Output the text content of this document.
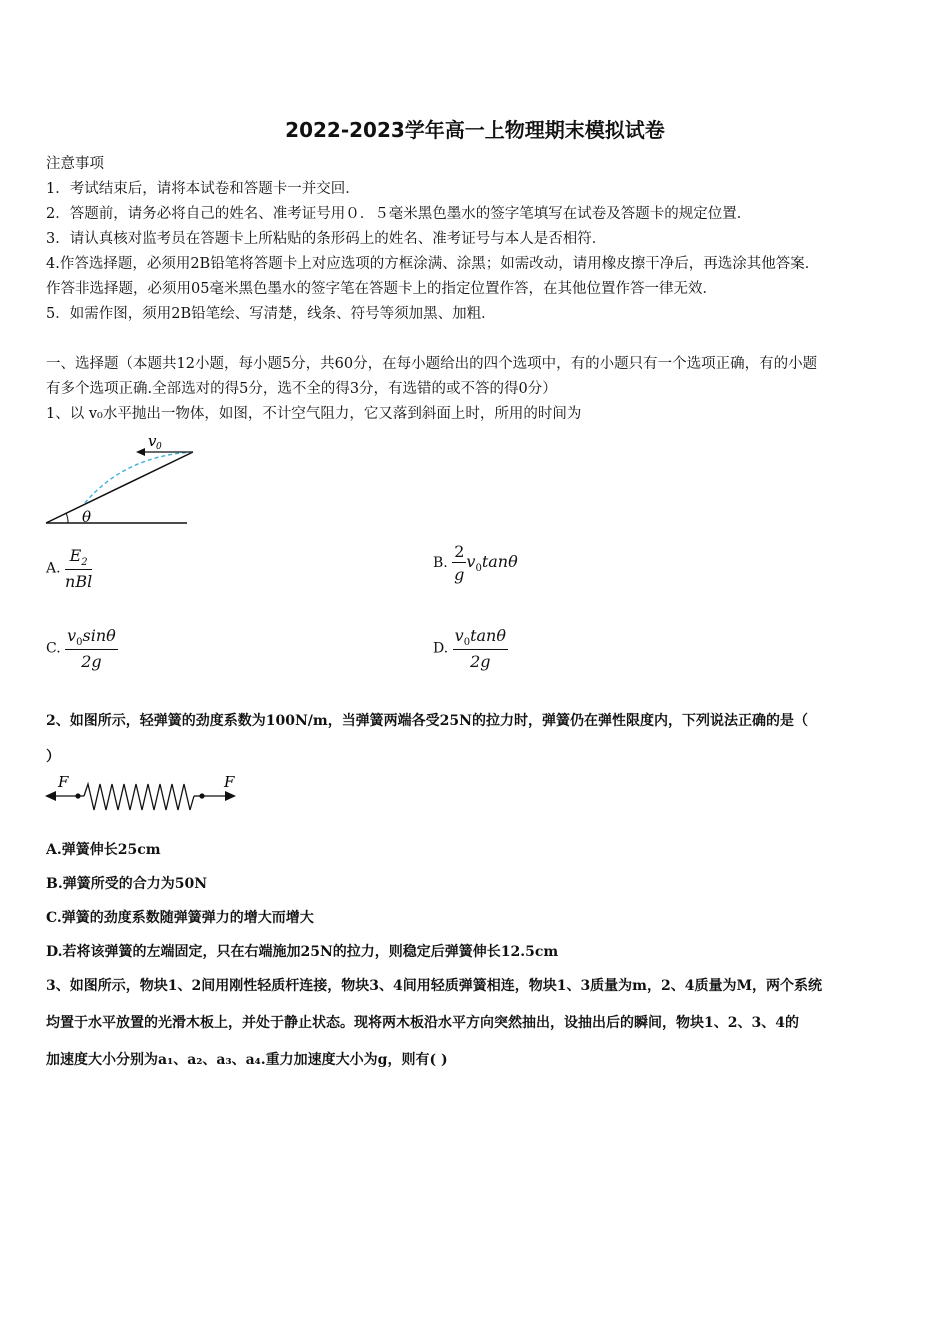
2022-2023学年高一上物理期末模拟试卷
注意事项
1．考试结束后，请将本试卷和答题卡一并交回．
2．答题前，请务必将自己的姓名、准考证号用０．５毫米黑色墨水的签字笔填写在试卷及答题卡的规定位置．
3．请认真核对监考员在答题卡上所粘贴的条形码上的姓名、准考证号与本人是否相符．
4.作答选择题，必须用2B铅笔将答题卡上对应选项的方框涂满、涂黑；如需改动，请用橡皮擦干净后，再选涂其他答案．
作答非选择题，必须用05毫米黑色墨水的签字笔在答题卡上的指定位置作答，在其他位置作答一律无效．
5．如需作图，须用2B铅笔绘、写清楚，线条、符号等须加黑、加粗．
一、选择题（本题共12小题，每小题5分，共60分，在每小题给出的四个选项中，有的小题只有一个选项正确，有的小题
有多个选项正确.全部选对的得5分，选不全的得3分，有选错的或不答的得0分）
1、以 v₀水平抛出一物体，如图，不计空气阻力，它又落到斜面上时，所用的时间为
v 0
θ
A. $\frac{E_2}{\text{nBl}}$	B. $\frac{2}{g} v_0\tan\theta$
C. $\frac{v_0\sin\theta}{2g}$	D. $\frac{v_0\tan\theta}{2g}$
2、如图所示，轻弹簧的劲度系数为100N/m，当弹簧两端各受25N的拉力时，弹簧仍在弹性限度内，下列说法正确的是（
）
F	F
A.弹簧伸长25cm
B.弹簧所受的合力为50N
C.弹簧的劲度系数随弹簧弹力的增大而增大
D.若将该弹簧的左端固定，只在右端施加25N的拉力，则稳定后弹簧伸长12.5cm
3、如图所示，物块1、2间用刚性轻质杆连接，物块3、4间用轻质弹簧相连，物块1、3质量为m，2、4质量为M，两个系统
均置于水平放置的光滑木板上，并处于静止状态。现将两木板沿水平方向突然抽出，设抽出后的瞬间，物块1、2、3、4的
加速度大小分别为a₁、a₂、a₃、a₄.重力加速度大小为g，则有( )
